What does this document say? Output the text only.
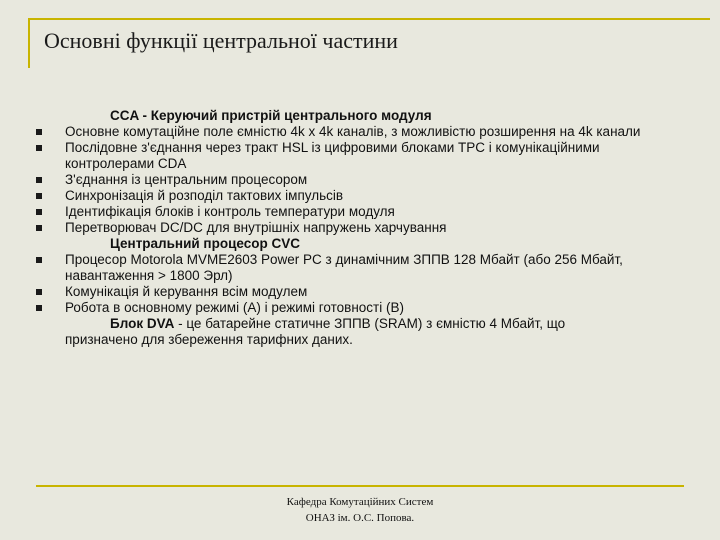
Основні функції центральної частини
CCA - Керуючий пристрій центрального модуля
Основне комутаційне поле ємністю 4k x 4k каналів, з можливістю розширення на 4k канали
Послідовне з'єднання через тракт HSL із цифровими блоками TPC і комунікаційними контролерами CDA
З'єднання із центральним процесором
Синхронізація й розподіл тактових імпульсів
Ідентифікація блоків і контроль температури модуля
Перетворювач DC/DC для внутрішніх напружень харчування
Центральний процесор CVC
Процесор Motorola MVME2603 Power PC з динамічним ЗППВ 128 Мбайт (або 256 Мбайт, навантаження > 1800 Эрл)
Комунікація й керування всім модулем
Робота в основному режимі (A) і режимі готовності (B)
Блок DVA - це батарейне статичне ЗППВ (SRAM) з ємністю 4 Мбайт, що
призначено для збереження тарифних даних.
Кафедра Комутаційних Систем
ОНАЗ ім. О.С. Попова.
